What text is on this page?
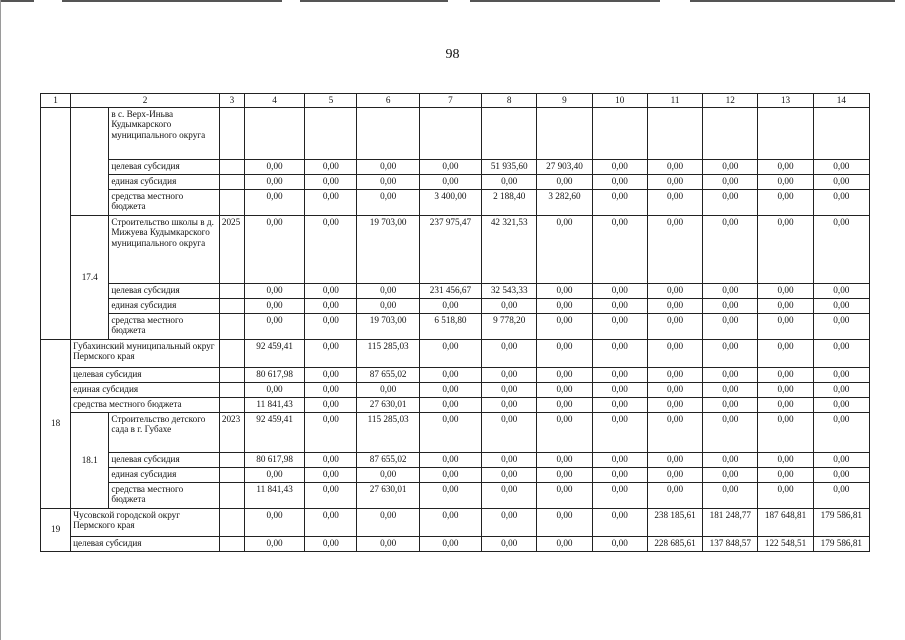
98
1	2		3	4	5	6	7	8	9	10	11	12	13	14
		в с. Верх-Иньва Кудымкарского муниципального округа												
		целевая субсидия		0,00	0,00	0,00	0,00	51 935,60	27 903,40	0,00	0,00	0,00	0,00	0,00
		единая субсидия		0,00	0,00	0,00	0,00	0,00	0,00	0,00	0,00	0,00	0,00	0,00
		средства местного бюджета		0,00	0,00	0,00	3 400,00	2 188,40	3 282,60	0,00	0,00	0,00	0,00	0,00
	17.4	Строительство школы в д. Мижуева Кудымкарского муниципального округа	2025	0,00	0,00	19 703,00	237 975,47	42 321,53	0,00	0,00	0,00	0,00	0,00	0,00
		целевая субсидия		0,00	0,00	0,00	231 456,67	32 543,33	0,00	0,00	0,00	0,00	0,00	0,00
		единая субсидия		0,00	0,00	0,00	0,00	0,00	0,00	0,00	0,00	0,00	0,00	0,00
		средства местного бюджета		0,00	0,00	19 703,00	6 518,80	9 778,20	0,00	0,00	0,00	0,00	0,00	0,00
18	Губахинский муниципальный округ Пермского края			92 459,41	0,00	115 285,03	0,00	0,00	0,00	0,00	0,00	0,00	0,00	0,00
	целевая субсидия			80 617,98	0,00	87 655,02	0,00	0,00	0,00	0,00	0,00	0,00	0,00	0,00
	единая субсидия			0,00	0,00	0,00	0,00	0,00	0,00	0,00	0,00	0,00	0,00	0,00
	средства местного бюджета			11 841,43	0,00	27 630,01	0,00	0,00	0,00	0,00	0,00	0,00	0,00	0,00
	18.1	Строительство детского сада в г. Губахе	2023	92 459,41	0,00	115 285,03	0,00	0,00	0,00	0,00	0,00	0,00	0,00	0,00
		целевая субсидия		80 617,98	0,00	87 655,02	0,00	0,00	0,00	0,00	0,00	0,00	0,00	0,00
		единая субсидия		0,00	0,00	0,00	0,00	0,00	0,00	0,00	0,00	0,00	0,00	0,00
		средства местного бюджета		11 841,43	0,00	27 630,01	0,00	0,00	0,00	0,00	0,00	0,00	0,00	0,00
19	Чусовской городской округ Пермского края			0,00	0,00	0,00	0,00	0,00	0,00	0,00	238 185,61	181 248,77	187 648,81	179 586,81
	целевая субсидия			0,00	0,00	0,00	0,00	0,00	0,00	0,00	228 685,61	137 848,57	122 548,51	179 586,81
